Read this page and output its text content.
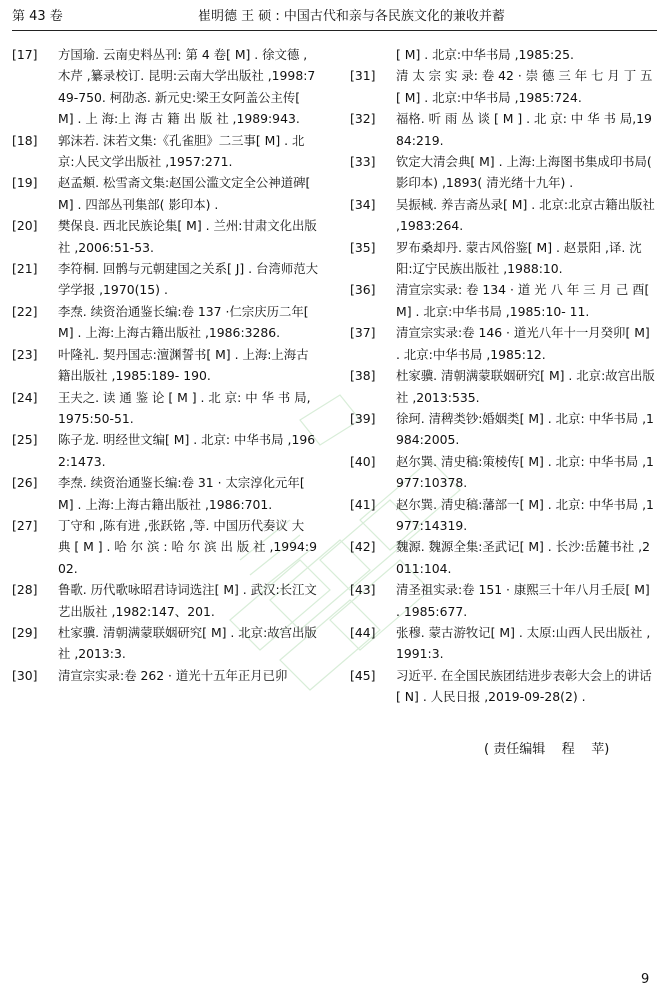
第 43 卷	崔明德 王 硕 : 中国古代和亲与各民族文化的兼收并蓄
[17]	方国瑜. 云南史料丛刊: 第 4 卷[ M] . 徐文德 ,木芹 ,纂录校订. 昆明:云南大学出版社 ,1998:749-750. 柯劭忞. 新元史:梁王女阿盖公主传[ M] . 上 海:上 海 古 籍 出 版 社 ,1989:943.
[18]	郭沫若. 沫若文集:《孔雀胆》二三事[ M] . 北京:人民文学出版社 ,1957:271.
[19]	赵孟頫. 松雪斋文集:赵国公滥文定全公神道碑[ M] . 四部丛刊集部( 影印本) .
[20]	樊保良. 西北民族论集[ M] . 兰州:甘肃文化出版社 ,2006:51-53.
[21]	李符桐. 回鹘与元朝建国之关系[ J] . 台湾师范大学学报 ,1970(15) .
[22]	李焘. 续资治通鉴长编:卷 137 ·仁宗庆历二年[ M] . 上海:上海古籍出版社 ,1986:3286.
[23]	叶隆礼. 契丹国志:澶渊誓书[ M] . 上海:上海古籍出版社 ,1985:189- 190.
[24]	王夫之. 读 通 鉴 论 [ M ] . 北 京: 中 华 书 局,1975:50-51.
[25]	陈子龙. 明经世文编[ M] . 北京: 中华书局 ,1962:1473.
[26]	李焘. 续资治通鉴长编:卷 31 · 太宗淳化元年[ M] . 上海:上海古籍出版社 ,1986:701.
[27]	丁守和 ,陈有进 ,张跃铭 ,等. 中国历代奏议 大 典 [ M ] . 哈 尔 滨 : 哈 尔 滨 出 版 社 ,1994:902.
[28]	鲁歌. 历代歌咏昭君诗词选注[ M] . 武汉:长江文艺出版社 ,1982:147、201.
[29]	杜家骥. 清朝满蒙联姻研究[ M] . 北京:故宫出版社 ,2013:3.
[30]	清宣宗实录:卷 262 · 道光十五年正月已卯
[ M] . 北京:中华书局 ,1985:25.
[31]	清 太 宗 实 录: 卷 42 · 崇 德 三 年 七 月 丁 五 [ M] . 北京:中华书局 ,1985:724.
[32]	福格. 听 雨 丛 谈 [ M ] . 北 京: 中 华 书 局,1984:219.
[33]	钦定大清会典[ M] . 上海:上海图书集成印书局( 影印本) ,1893( 清光绪十九年) .
[34]	吴振棫. 养吉斋丛录[ M] . 北京:北京古籍出版社 ,1983:264.
[35]	罗布桑却丹. 蒙古风俗鉴[ M] . 赵景阳 ,译. 沈阳:辽宁民族出版社 ,1988:10.
[36]	清宣宗实录: 卷 134 · 道 光 八 年 三 月 己 酉[ M] . 北京:中华书局 ,1985:10- 11.
[37]	清宣宗实录:卷 146 · 道光八年十一月癸卯[ M] . 北京:中华书局 ,1985:12.
[38]	杜家骥. 清朝满蒙联姻研究[ M] . 北京:故宫出版社 ,2013:535.
[39]	徐珂. 清稗类钞:婚姻类[ M] . 北京: 中华书局 ,1984:2005.
[40]	赵尔巽. 清史稿:策棱传[ M] . 北京: 中华书局 ,1977:10378.
[41]	赵尔巽. 清史稿:藩部一[ M] . 北京: 中华书局 ,1977:14319.
[42]	魏源. 魏源全集:圣武记[ M] . 长沙:岳麓书社 ,2011:104.
[43]	清圣祖实录:卷 151 · 康熙三十年八月壬辰[ M] . 1985:677.
[44]	张穆. 蒙古游牧记[ M] . 太原:山西人民出版社 ,1991:3.
[45]	习近平. 在全国民族团结进步表彰大会上的讲话[ N] . 人民日报 ,2019-09-28(2) .
( 责任编辑    程    苹)
9
